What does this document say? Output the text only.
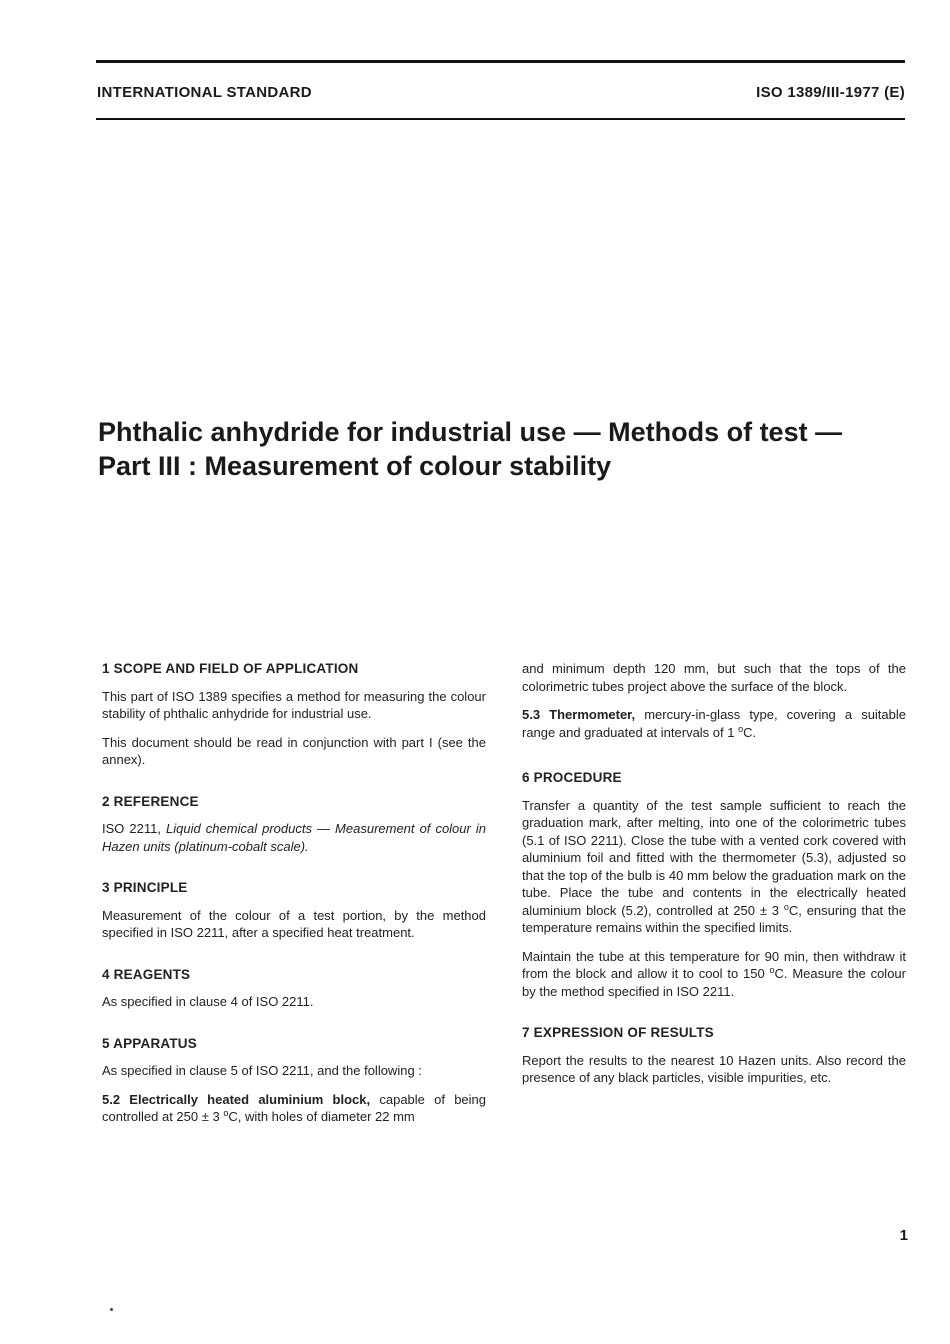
INTERNATIONAL STANDARD	ISO 1389/III-1977 (E)

Phthalic anhydride for industrial use — Methods of test —
Part III : Measurement of colour stability
1 SCOPE AND FIELD OF APPLICATION

This part of ISO 1389 specifies a method for measuring the colour stability of phthalic anhydride for industrial use.

This document should be read in conjunction with part I (see the annex).

2 REFERENCE

ISO 2211, Liquid chemical products — Measurement of colour in Hazen units (platinum-cobalt scale).

3 PRINCIPLE

Measurement of the colour of a test portion, by the method specified in ISO 2211, after a specified heat treatment.

4 REAGENTS

As specified in clause 4 of ISO 2211.

5 APPARATUS

As specified in clause 5 of ISO 2211, and the following :

5.2 Electrically heated aluminium block, capable of being controlled at 250 ± 3 $^o$C, with holes of diameter 22 mm

and minimum depth 120 mm, but such that the tops of the colorimetric tubes project above the surface of the block.

5.3 Thermometer, mercury-in-glass type, covering a suitable range and graduated at intervals of 1 $^o$C.

6 PROCEDURE

Transfer a quantity of the test sample sufficient to reach the graduation mark, after melting, into one of the colorimetric tubes (5.1 of ISO 2211). Close the tube with a vented cork covered with aluminium foil and fitted with the thermometer (5.3), adjusted so that the top of the bulb is 40 mm below the graduation mark on the tube. Place the tube and contents in the electrically heated aluminium block (5.2), controlled at 250 ± 3 $^o$C, ensuring that the temperature remains within the specified limits.

Maintain the tube at this temperature for 90 min, then withdraw it from the block and allow it to cool to 150 $^o$C. Measure the colour by the method specified in ISO 2211.

7 EXPRESSION OF RESULTS

Report the results to the nearest 10 Hazen units. Also record the presence of any black particles, visible impurities, etc.

1
